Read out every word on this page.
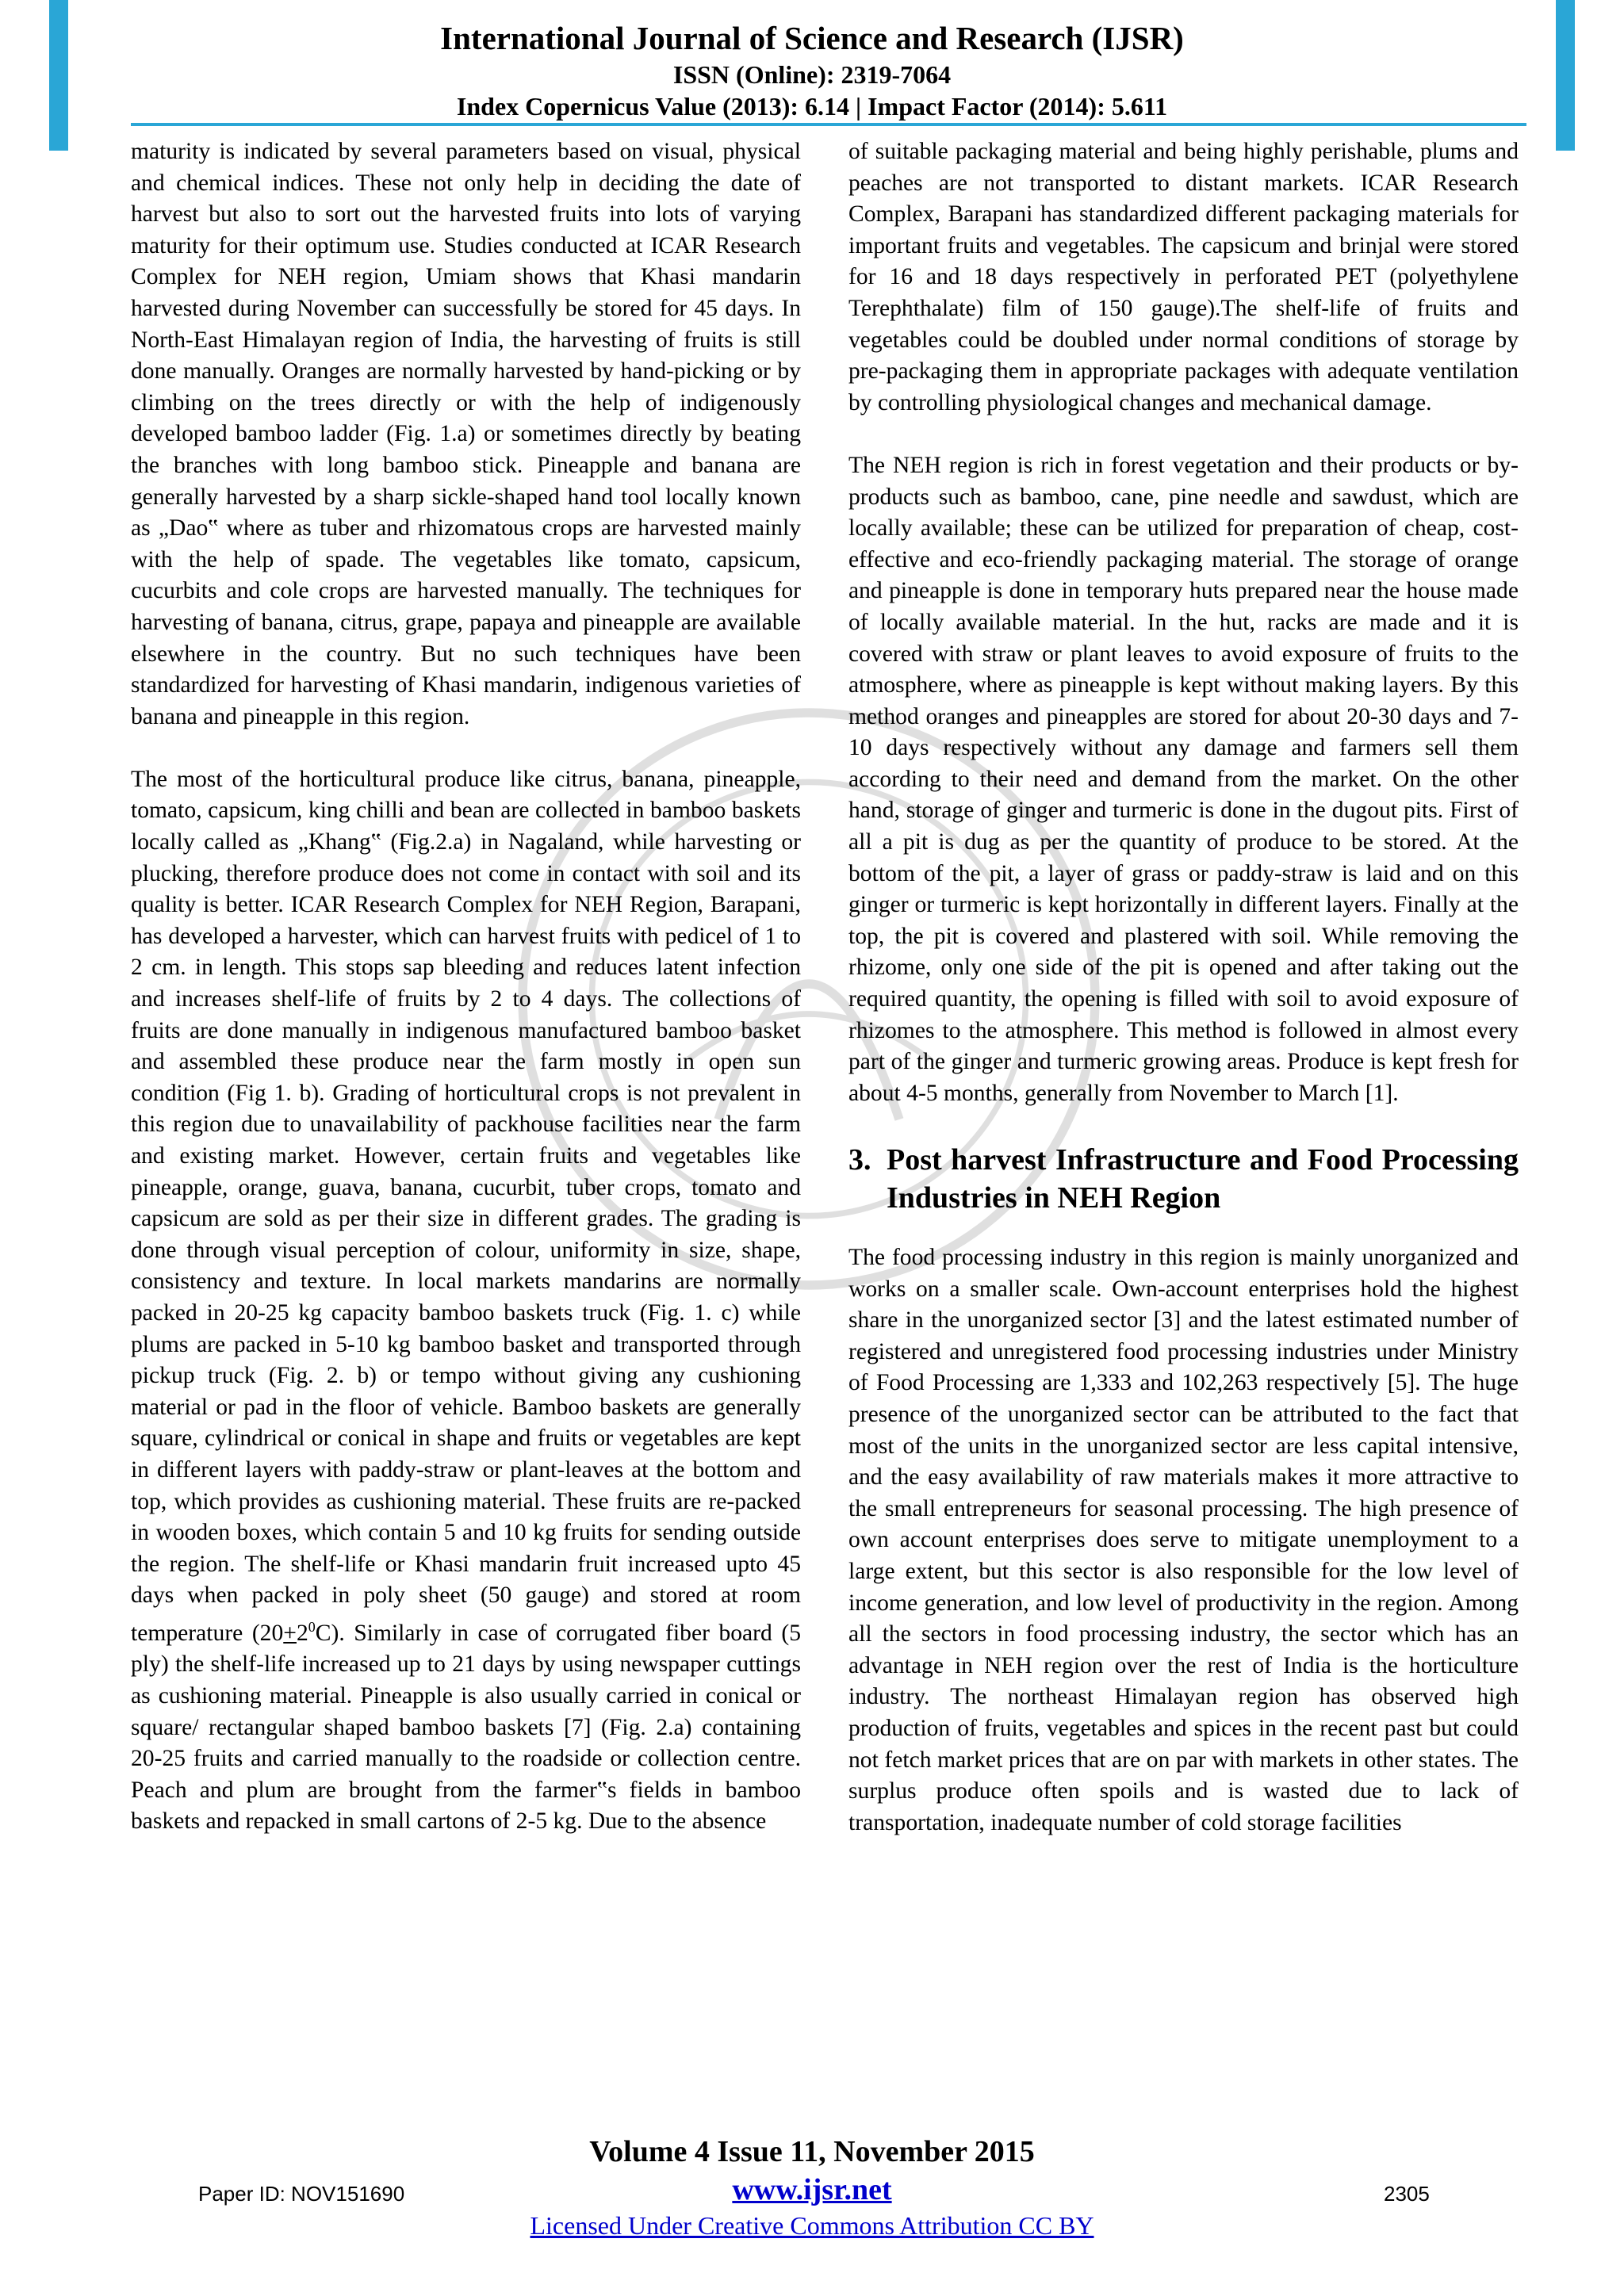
International Journal of Science and Research (IJSR)
ISSN (Online): 2319-7064
Index Copernicus Value (2013): 6.14 | Impact Factor (2014): 5.611

maturity is indicated by several parameters based on visual, physical and chemical indices. These not only help in deciding the date of harvest but also to sort out the harvested fruits into lots of varying maturity for their optimum use. Studies conducted at ICAR Research Complex for NEH region, Umiam shows that Khasi mandarin harvested during November can successfully be stored for 45 days. In North-East Himalayan region of India, the harvesting of fruits is still done manually. Oranges are normally harvested by hand-picking or by climbing on the trees directly or with the help of indigenously developed bamboo ladder (Fig. 1.a) or sometimes directly by beating the branches with long bamboo stick. Pineapple and banana are generally harvested by a sharp sickle-shaped hand tool locally known as „Dao‟ where as tuber and rhizomatous crops are harvested mainly with the help of spade. The vegetables like tomato, capsicum, cucurbits and cole crops are harvested manually. The techniques for harvesting of banana, citrus, grape, papaya and pineapple are available elsewhere in the country. But no such techniques have been standardized for harvesting of Khasi mandarin, indigenous varieties of banana and pineapple in this region.

The most of the horticultural produce like citrus, banana, pineapple, tomato, capsicum, king chilli and bean are collected in bamboo baskets locally called as „Khang‟ (Fig.2.a) in Nagaland, while harvesting or plucking, therefore produce does not come in contact with soil and its quality is better. ICAR Research Complex for NEH Region, Barapani, has developed a harvester, which can harvest fruits with pedicel of 1 to 2 cm. in length. This stops sap bleeding and reduces latent infection and increases shelf-life of fruits by 2 to 4 days. The collections of fruits are done manually in indigenous manufactured bamboo basket and assembled these produce near the farm mostly in open sun condition (Fig 1. b). Grading of horticultural crops is not prevalent in this region due to unavailability of packhouse facilities near the farm and existing market. However, certain fruits and vegetables like pineapple, orange, guava, banana, cucurbit, tuber crops, tomato and capsicum are sold as per their size in different grades. The grading is done through visual perception of colour, uniformity in size, shape, consistency and texture. In local markets mandarins are normally packed in 20-25 kg capacity bamboo baskets truck (Fig. 1. c) while plums are packed in 5-10 kg bamboo basket and transported through pickup truck (Fig. 2. b) or tempo without giving any cushioning material or pad in the floor of vehicle. Bamboo baskets are generally square, cylindrical or conical in shape and fruits or vegetables are kept in different layers with paddy-straw or plant-leaves at the bottom and top, which provides as cushioning material. These fruits are re-packed in wooden boxes, which contain 5 and 10 kg fruits for sending outside the region. The shelf-life or Khasi mandarin fruit increased upto 45 days when packed in poly sheet (50 gauge) and stored at room temperature $(20+2^0C)$. Similarly in case of corrugated fiber board (5 ply) the shelf-life increased up to 21 days by using newspaper cuttings as cushioning material. Pineapple is also usually carried in conical or square/ rectangular shaped bamboo baskets [7] (Fig. 2.a) containing 20-25 fruits and carried manually to the roadside or collection centre. Peach and plum are brought from the farmer‟s fields in bamboo baskets and repacked in small cartons of 2-5 kg. Due to the absence

of suitable packaging material and being highly perishable, plums and peaches are not transported to distant markets. ICAR Research Complex, Barapani has standardized different packaging materials for important fruits and vegetables. The capsicum and brinjal were stored for 16 and 18 days respectively in perforated PET (polyethylene Terephthalate) film of 150 gauge).The shelf-life of fruits and vegetables could be doubled under normal conditions of storage by pre-packaging them in appropriate packages with adequate ventilation by controlling physiological changes and mechanical damage.

The NEH region is rich in forest vegetation and their products or by-products such as bamboo, cane, pine needle and sawdust, which are locally available; these can be utilized for preparation of cheap, cost-effective and eco-friendly packaging material. The storage of orange and pineapple is done in temporary huts prepared near the house made of locally available material. In the hut, racks are made and it is covered with straw or plant leaves to avoid exposure of fruits to the atmosphere, where as pineapple is kept without making layers. By this method oranges and pineapples are stored for about 20-30 days and 7-10 days respectively without any damage and farmers sell them according to their need and demand from the market. On the other hand, storage of ginger and turmeric is done in the dugout pits. First of all a pit is dug as per the quantity of produce to be stored. At the bottom of the pit, a layer of grass or paddy-straw is laid and on this ginger or turmeric is kept horizontally in different layers. Finally at the top, the pit is covered and plastered with soil. While removing the rhizome, only one side of the pit is opened and after taking out the required quantity, the opening is filled with soil to avoid exposure of rhizomes to the atmosphere. This method is followed in almost every part of the ginger and turmeric growing areas. Produce is kept fresh for about 4-5 months, generally from November to March [1].

3. Post harvest Infrastructure and Food Processing Industries in NEH Region

The food processing industry in this region is mainly unorganized and works on a smaller scale. Own-account enterprises hold the highest share in the unorganized sector [3] and the latest estimated number of registered and unregistered food processing industries under Ministry of Food Processing are 1,333 and 102,263 respectively [5]. The huge presence of the unorganized sector can be attributed to the fact that most of the units in the unorganized sector are less capital intensive, and the easy availability of raw materials makes it more attractive to the small entrepreneurs for seasonal processing. The high presence of own account enterprises does serve to mitigate unemployment to a large extent, but this sector is also responsible for the low level of income generation, and low level of productivity in the region. Among all the sectors in food processing industry, the sector which has an advantage in NEH region over the rest of India is the horticulture industry. The northeast Himalayan region has observed high production of fruits, vegetables and spices in the recent past but could not fetch market prices that are on par with markets in other states. The surplus produce often spoils and is wasted due to lack of transportation, inadequate number of cold storage facilities

Volume 4 Issue 11, November 2015
www.ijsr.net
Licensed Under Creative Commons Attribution CC BY
Paper ID: NOV151690	2305
